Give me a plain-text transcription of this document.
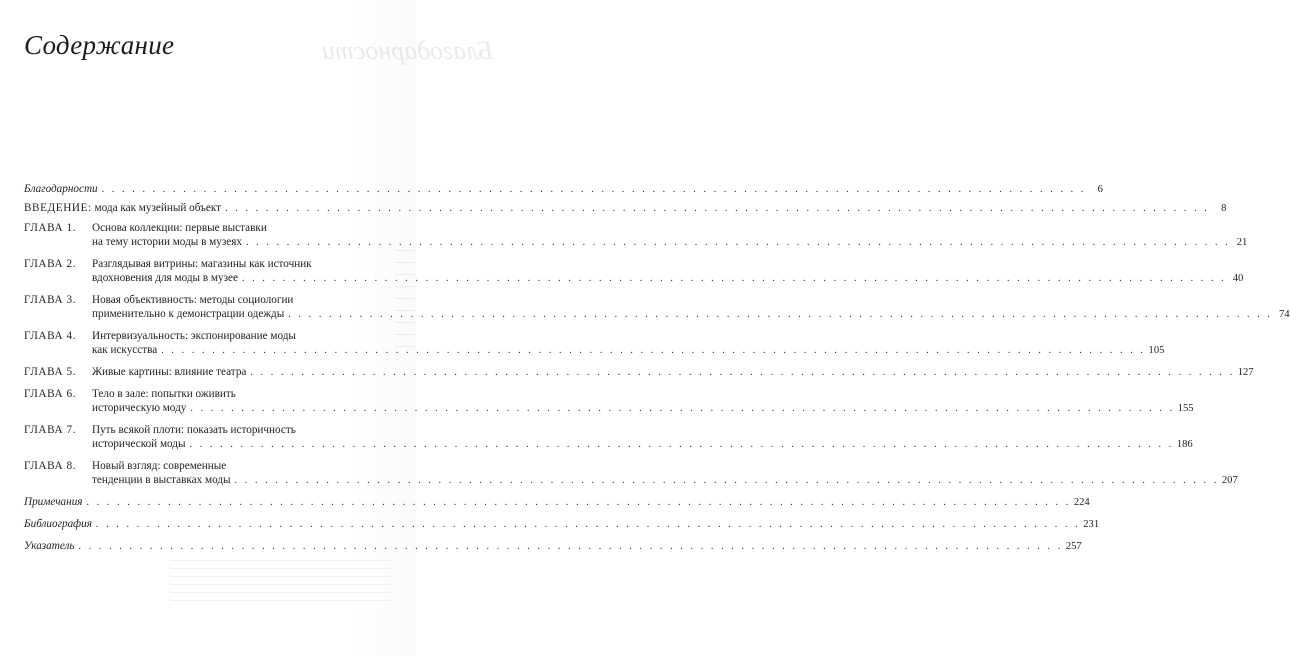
Благодарности
Содержание
Благодарности . . .	6
ВВЕДЕНИЕ: мода как музейный объект . . .	8
ГЛАВА 1.	Основа коллекции: первые выставки
на тему истории моды в музеях . . .	21
ГЛАВА 2.	Разглядывая витрины: магазины как источник
вдохновения для моды в музее . . .	40
ГЛАВА 3.	Новая объективность: методы социологии
применительно к демонстрации одежды . . .	74
ГЛАВА 4.	Интервизуальность: экспонирование моды
как искусства . . .	105
ГЛАВА 5.	Живые картины: влияние театра . . .	127
ГЛАВА 6.	Тело в зале: попытки оживить
историческую моду . . .	155
ГЛАВА 7.	Путь всякой плоти: показать историчность
исторической моды . . .	186
ГЛАВА 8.	Новый взгляд: современные
тенденции в выставках моды . . .	207
Примечания . . .	224
Библиография . . .	231
Указатель . . .	257
